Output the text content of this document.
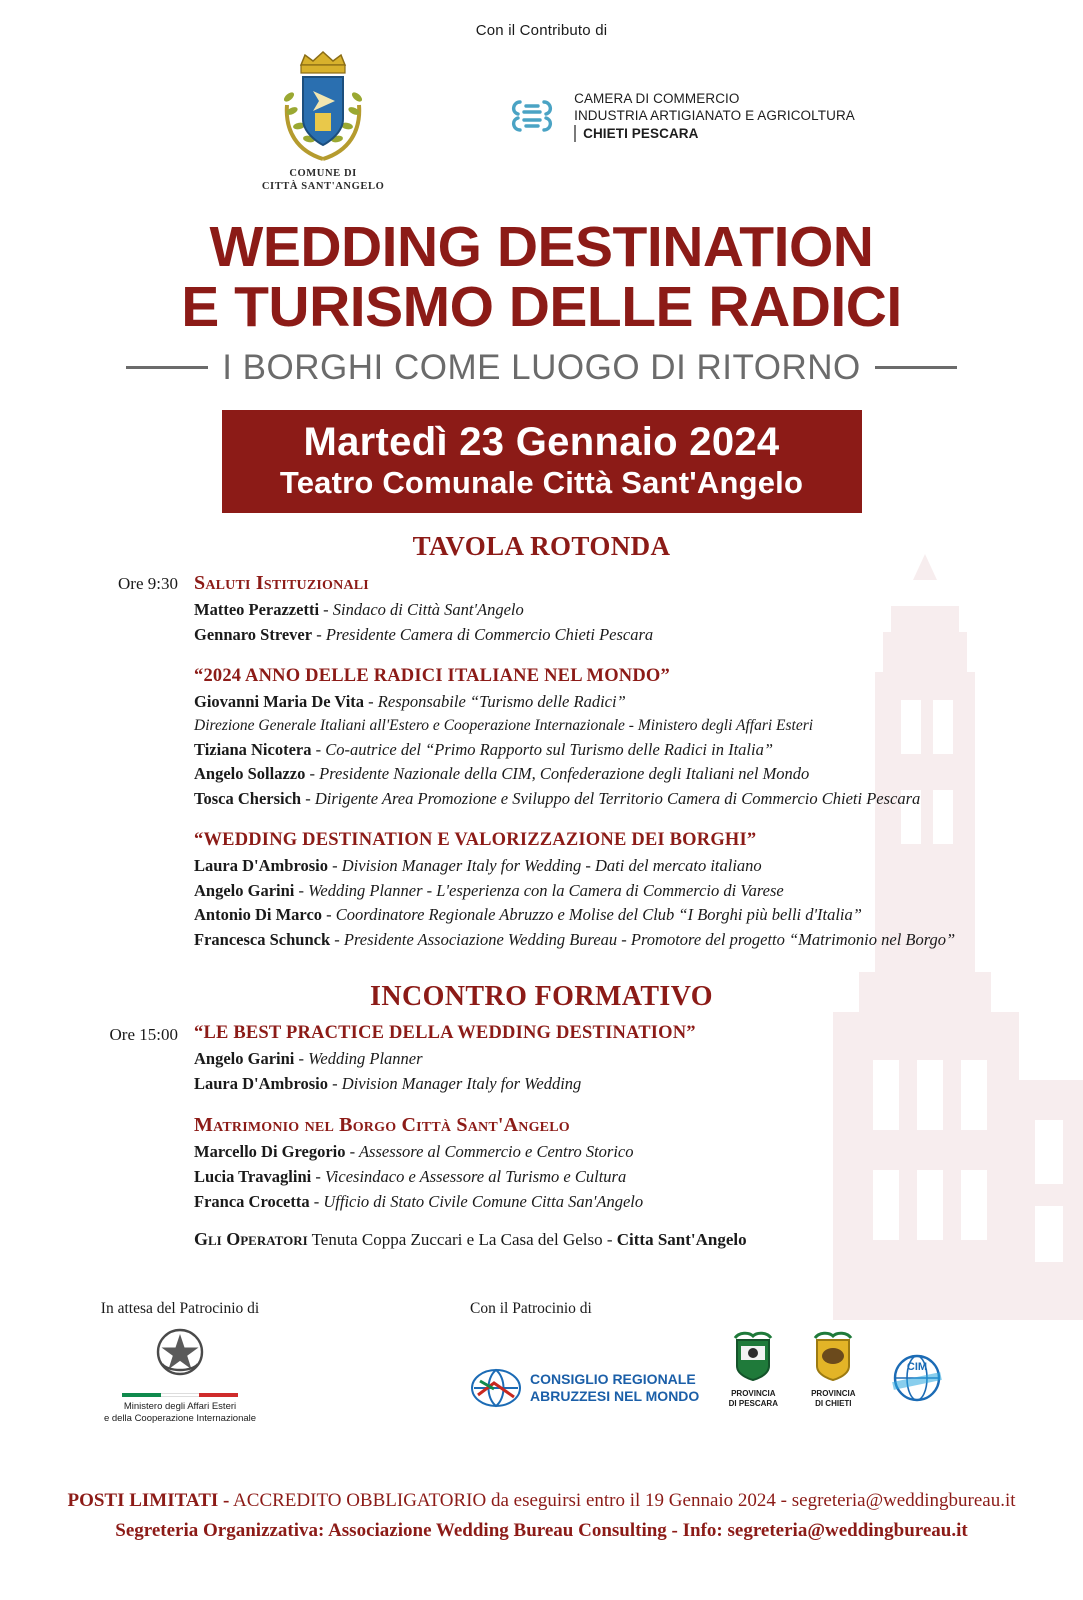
Con il Contributo di
COMUNE DI
CITTÀ SANT'ANGELO
CAMERA DI COMMERCIO
INDUSTRIA ARTIGIANATO E AGRICOLTURA
CHIETI PESCARA
WEDDING DESTINATION
E TURISMO DELLE RADICI
I BORGHI COME LUOGO DI RITORNO
Martedì 23 Gennaio 2024
Teatro Comunale Città Sant'Angelo
TAVOLA ROTONDA
Ore 9:30 Saluti Istituzionali
Matteo Perazzetti - Sindaco di Città Sant'Angelo
Gennaro Strever - Presidente Camera di Commercio Chieti Pescara
“2024 ANNO DELLE RADICI ITALIANE NEL MONDO”
Giovanni Maria De Vita - Responsabile “Turismo delle Radici”
Direzione Generale Italiani all'Estero e Cooperazione Internazionale - Ministero degli Affari Esteri
Tiziana Nicotera - Co-autrice del “Primo Rapporto sul Turismo delle Radici in Italia”
Angelo Sollazzo - Presidente Nazionale della CIM, Confederazione degli Italiani nel Mondo
Tosca Chersich - Dirigente Area Promozione e Sviluppo del Territorio Camera di Commercio Chieti Pescara
“WEDDING DESTINATION E VALORIZZAZIONE DEI BORGHI”
Laura D'Ambrosio - Division Manager Italy for Wedding - Dati del mercato italiano
Angelo Garini - Wedding Planner - L'esperienza con la Camera di Commercio di Varese
Antonio Di Marco - Coordinatore Regionale Abruzzo e Molise del Club “I Borghi più belli d'Italia”
Francesca Schunck - Presidente Associazione Wedding Bureau - Promotore del progetto “Matrimonio nel Borgo”
INCONTRO FORMATIVO
Ore 15:00 “LE BEST PRACTICE DELLA WEDDING DESTINATION”
Angelo Garini - Wedding Planner
Laura D'Ambrosio - Division Manager Italy for Wedding
Matrimonio nel Borgo Città Sant'Angelo
Marcello Di Gregorio - Assessore al Commercio e Centro Storico
Lucia Travaglini - Vicesindaco e Assessore al Turismo e Cultura
Franca Crocetta - Ufficio di Stato Civile Comune Citta San'Angelo
Gli Operatori Tenuta Coppa Zuccari e La Casa del Gelso - Citta Sant'Angelo
In attesa del Patrocinio di
Ministero degli Affari Esteri
e della Cooperazione Internazionale
Con il Patrocinio di
CONSIGLIO REGIONALE
ABRUZZESI NEL MONDO	PROVINCIA
DI PESCARA
PROVINCIA
DI CHIETI
CIM
POSTI LIMITATI - ACCREDITO OBBLIGATORIO da eseguirsi entro il 19 Gennaio 2024 - segreteria@weddingbureau.it
Segreteria Organizzativa: Associazione Wedding Bureau Consulting - Info: segreteria@weddingbureau.it
